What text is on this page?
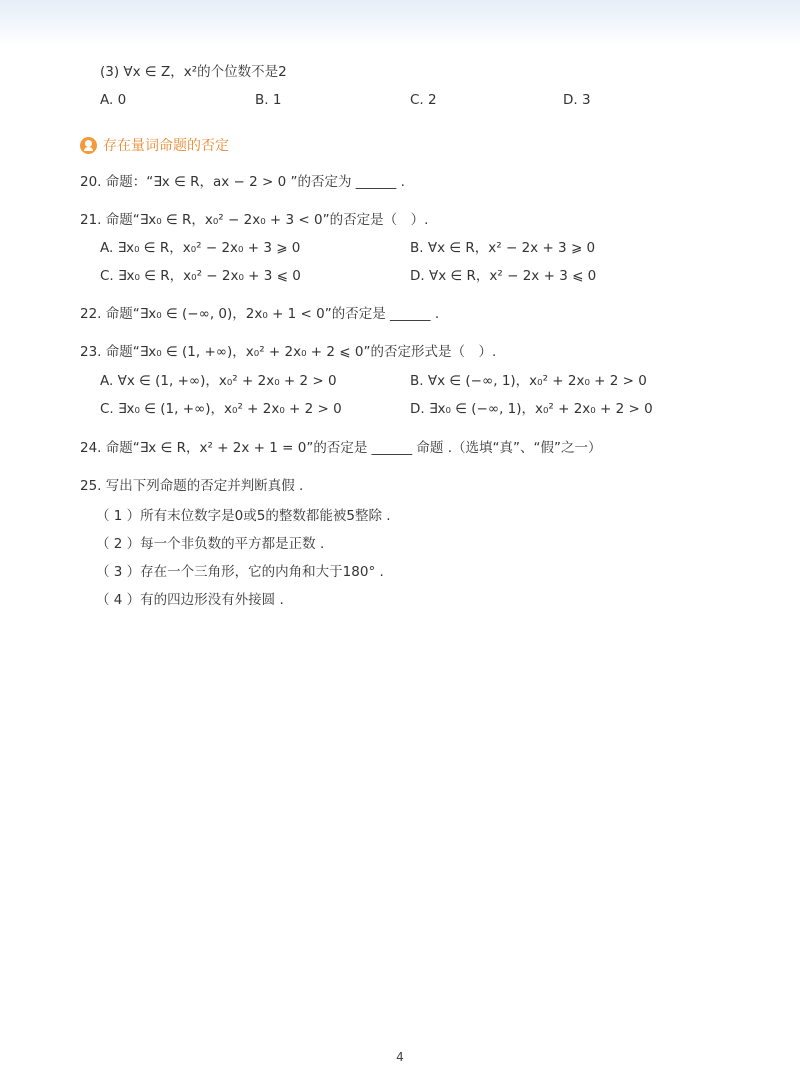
(3) ∀x ∈ Z，x²的个位数不是2
A. 0	B. 1	C. 2	D. 3
存在量词命题的否定
20. 命题：“∃x ∈ R，ax − 2 > 0 ”的否定为 ______ .
21. 命题“∃x₀ ∈ R，x₀² − 2x₀ + 3 < 0”的否定是（　）.
A. ∃x₀ ∈ R，x₀² − 2x₀ + 3 ⩾ 0	B. ∀x ∈ R，x² − 2x + 3 ⩾ 0
C. ∃x₀ ∈ R，x₀² − 2x₀ + 3 ⩽ 0	D. ∀x ∈ R，x² − 2x + 3 ⩽ 0
22. 命题“∃x₀ ∈ (−∞, 0)，2x₀ + 1 < 0”的否定是 ______ .
23. 命题“∃x₀ ∈ (1, +∞)，x₀² + 2x₀ + 2 ⩽ 0”的否定形式是（　）.
A. ∀x ∈ (1, +∞)，x₀² + 2x₀ + 2 > 0	B. ∀x ∈ (−∞, 1)，x₀² + 2x₀ + 2 > 0
C. ∃x₀ ∈ (1, +∞)，x₀² + 2x₀ + 2 > 0	D. ∃x₀ ∈ (−∞, 1)，x₀² + 2x₀ + 2 > 0
24. 命题“∃x ∈ R，x² + 2x + 1 = 0”的否定是 ______ 命题 .（选填“真”、“假”之一）
25. 写出下列命题的否定并判断真假 .
（ 1 ）所有末位数字是0或5的整数都能被5整除 .
（ 2 ）每一个非负数的平方都是正数 .
（ 3 ）存在一个三角形，它的内角和大于180° .
（ 4 ）有的四边形没有外接圆 .
4
